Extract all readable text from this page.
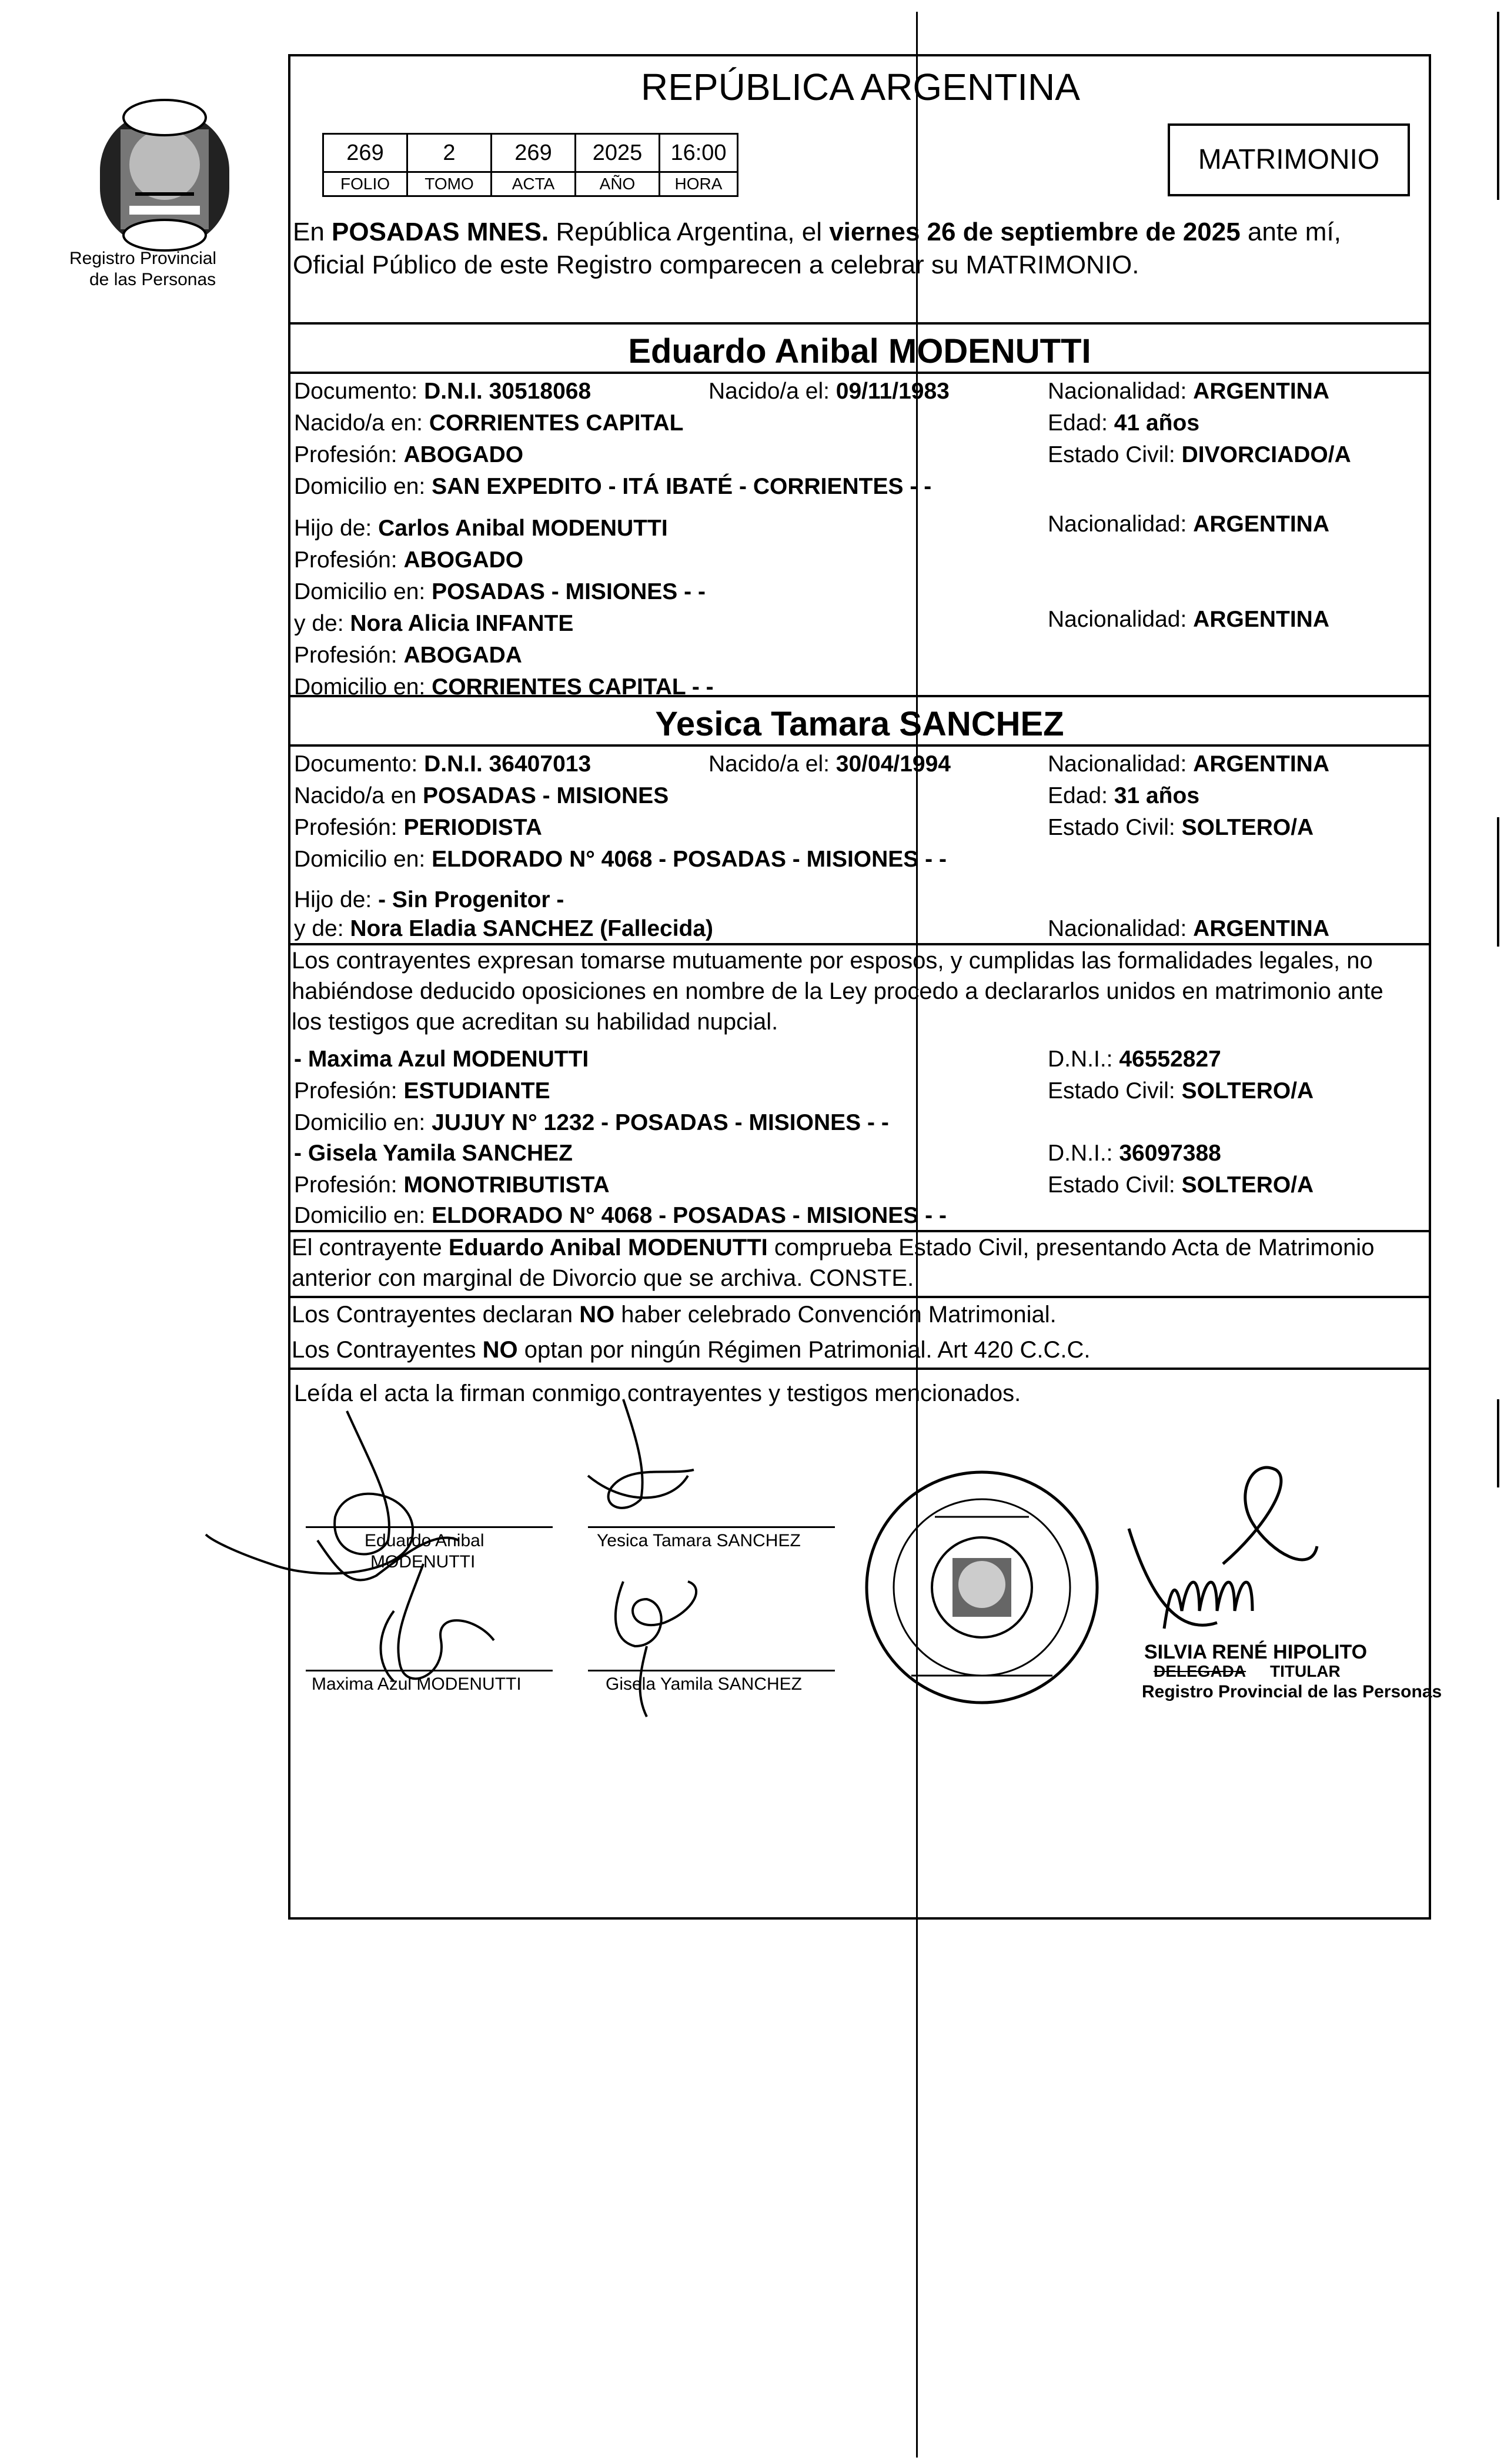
Registro Provincial
de las Personas
REPÚBLICA ARGENTINA
269	2	269	2025	16:00
FOLIO	TOMO	ACTA	AÑO	HORA
MATRIMONIO
En POSADAS MNES. República Argentina, el viernes 26 de septiembre de 2025 ante mí,
Oficial Público de este Registro comparecen a celebrar su MATRIMONIO.
Eduardo Anibal MODENUTTI
Documento: D.N.I. 30518068	Nacido/a el: 09/11/1983	Nacionalidad: ARGENTINA
Nacido/a en: CORRIENTES CAPITAL	Edad: 41 años
Profesión: ABOGADO	Estado Civil: DIVORCIADO/A
Domicilio en: SAN EXPEDITO - ITÁ IBATÉ - CORRIENTES - -
Hijo de: Carlos Anibal MODENUTTI	Nacionalidad: ARGENTINA
Profesión: ABOGADO
Domicilio en: POSADAS - MISIONES - -
y de: Nora Alicia INFANTE	Nacionalidad: ARGENTINA
Profesión: ABOGADA
Domicilio en: CORRIENTES CAPITAL - -
Yesica Tamara SANCHEZ
Documento: D.N.I. 36407013	Nacido/a el: 30/04/1994	Nacionalidad: ARGENTINA
Nacido/a en POSADAS - MISIONES	Edad: 31 años
Profesión: PERIODISTA	Estado Civil: SOLTERO/A
Domicilio en: ELDORADO N° 4068 - POSADAS - MISIONES - -
Hijo de: - Sin Progenitor -
y de: Nora Eladia SANCHEZ (Fallecida)	Nacionalidad: ARGENTINA
Los contrayentes expresan tomarse mutuamente por esposos, y cumplidas las formalidades legales, no
habiéndose deducido oposiciones en nombre de la Ley procedo a declararlos unidos en matrimonio ante
los testigos que acreditan su habilidad nupcial.
- Maxima Azul MODENUTTI	D.N.I.: 46552827
Profesión: ESTUDIANTE	Estado Civil: SOLTERO/A
Domicilio en: JUJUY N° 1232 - POSADAS - MISIONES - -
- Gisela Yamila SANCHEZ	D.N.I.: 36097388
Profesión: MONOTRIBUTISTA	Estado Civil: SOLTERO/A
Domicilio en: ELDORADO N° 4068 - POSADAS - MISIONES - -
El contrayente Eduardo Anibal MODENUTTI comprueba Estado Civil, presentando Acta de Matrimonio
anterior con marginal de Divorcio que se archiva. CONSTE.
Los Contrayentes declaran NO haber celebrado Convención Matrimonial.
Los Contrayentes NO optan por ningún Régimen Patrimonial. Art 420 C.C.C.
Leída el acta la firman conmigo contrayentes y testigos mencionados.
Eduardo Anibal
MODENUTTI
Yesica Tamara SANCHEZ
Maxima Azul MODENUTTI	Gisela Yamila SANCHEZ
SILVIA RENÉ HIPOLITO
DELEGADA TITULAR
Registro Provincial de las Personas
